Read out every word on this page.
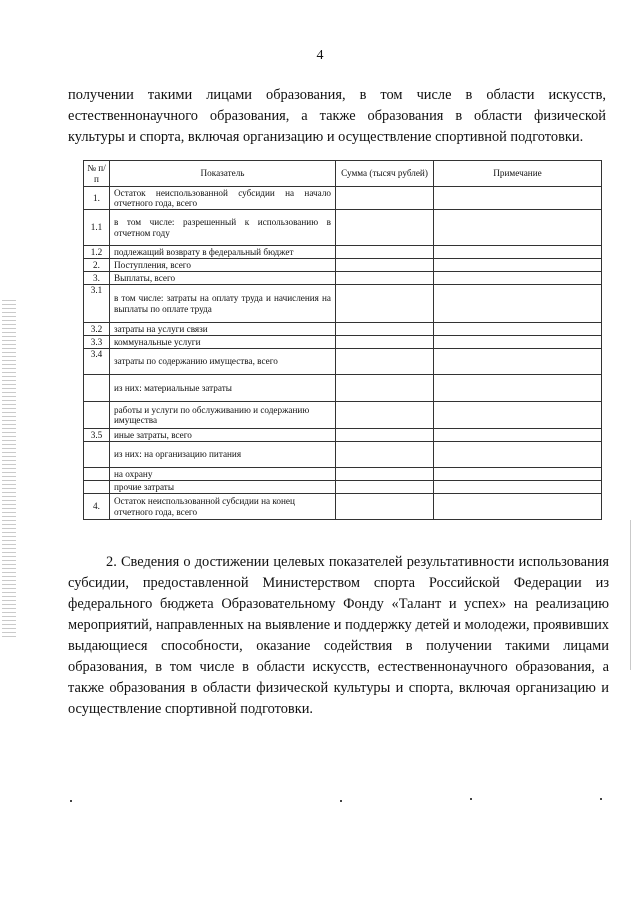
4
получении такими лицами образования, в том числе в области искусств, естественнонаучного образования, а также образования в области физической культуры и спорта, включая организацию и осуществление спортивной подготовки.
№ п/п	Показатель	Сумма (тысяч рублей)	Примечание
1.	Остаток неиспользованной субсидии на начало отчетного года, всего		
1.1	в том числе: разрешенный к использованию в отчетном году		
1.2	подлежащий возврату в федеральный бюджет		
2.	Поступления, всего		
3.	Выплаты, всего		
3.1	в том числе: затраты на оплату труда и начисления на выплаты по оплате труда		
3.2	затраты на услуги связи		
3.3	коммунальные услуги		
3.4	затраты по содержанию имущества, всего		
	из них: материальные затраты		
	работы и услуги по обслуживанию и содержанию имущества		
3.5	иные затраты, всего		
	из них: на организацию питания		
	на охрану		
	прочие затраты		
4.	Остаток неиспользованной субсидии на конец отчетного года, всего		
2. Сведения о достижении целевых показателей результативности использования субсидии, предоставленной Министерством спорта Российской Федерации из федерального бюджета Образовательному Фонду «Талант и успех» на реализацию мероприятий, направленных на выявление и поддержку детей и молодежи, проявивших выдающиеся способности, оказание содействия в получении такими лицами образования, в том числе в области искусств, естественнонаучного образования, а также образования в области физической культуры и спорта, включая организацию и осуществление спортивной подготовки.
